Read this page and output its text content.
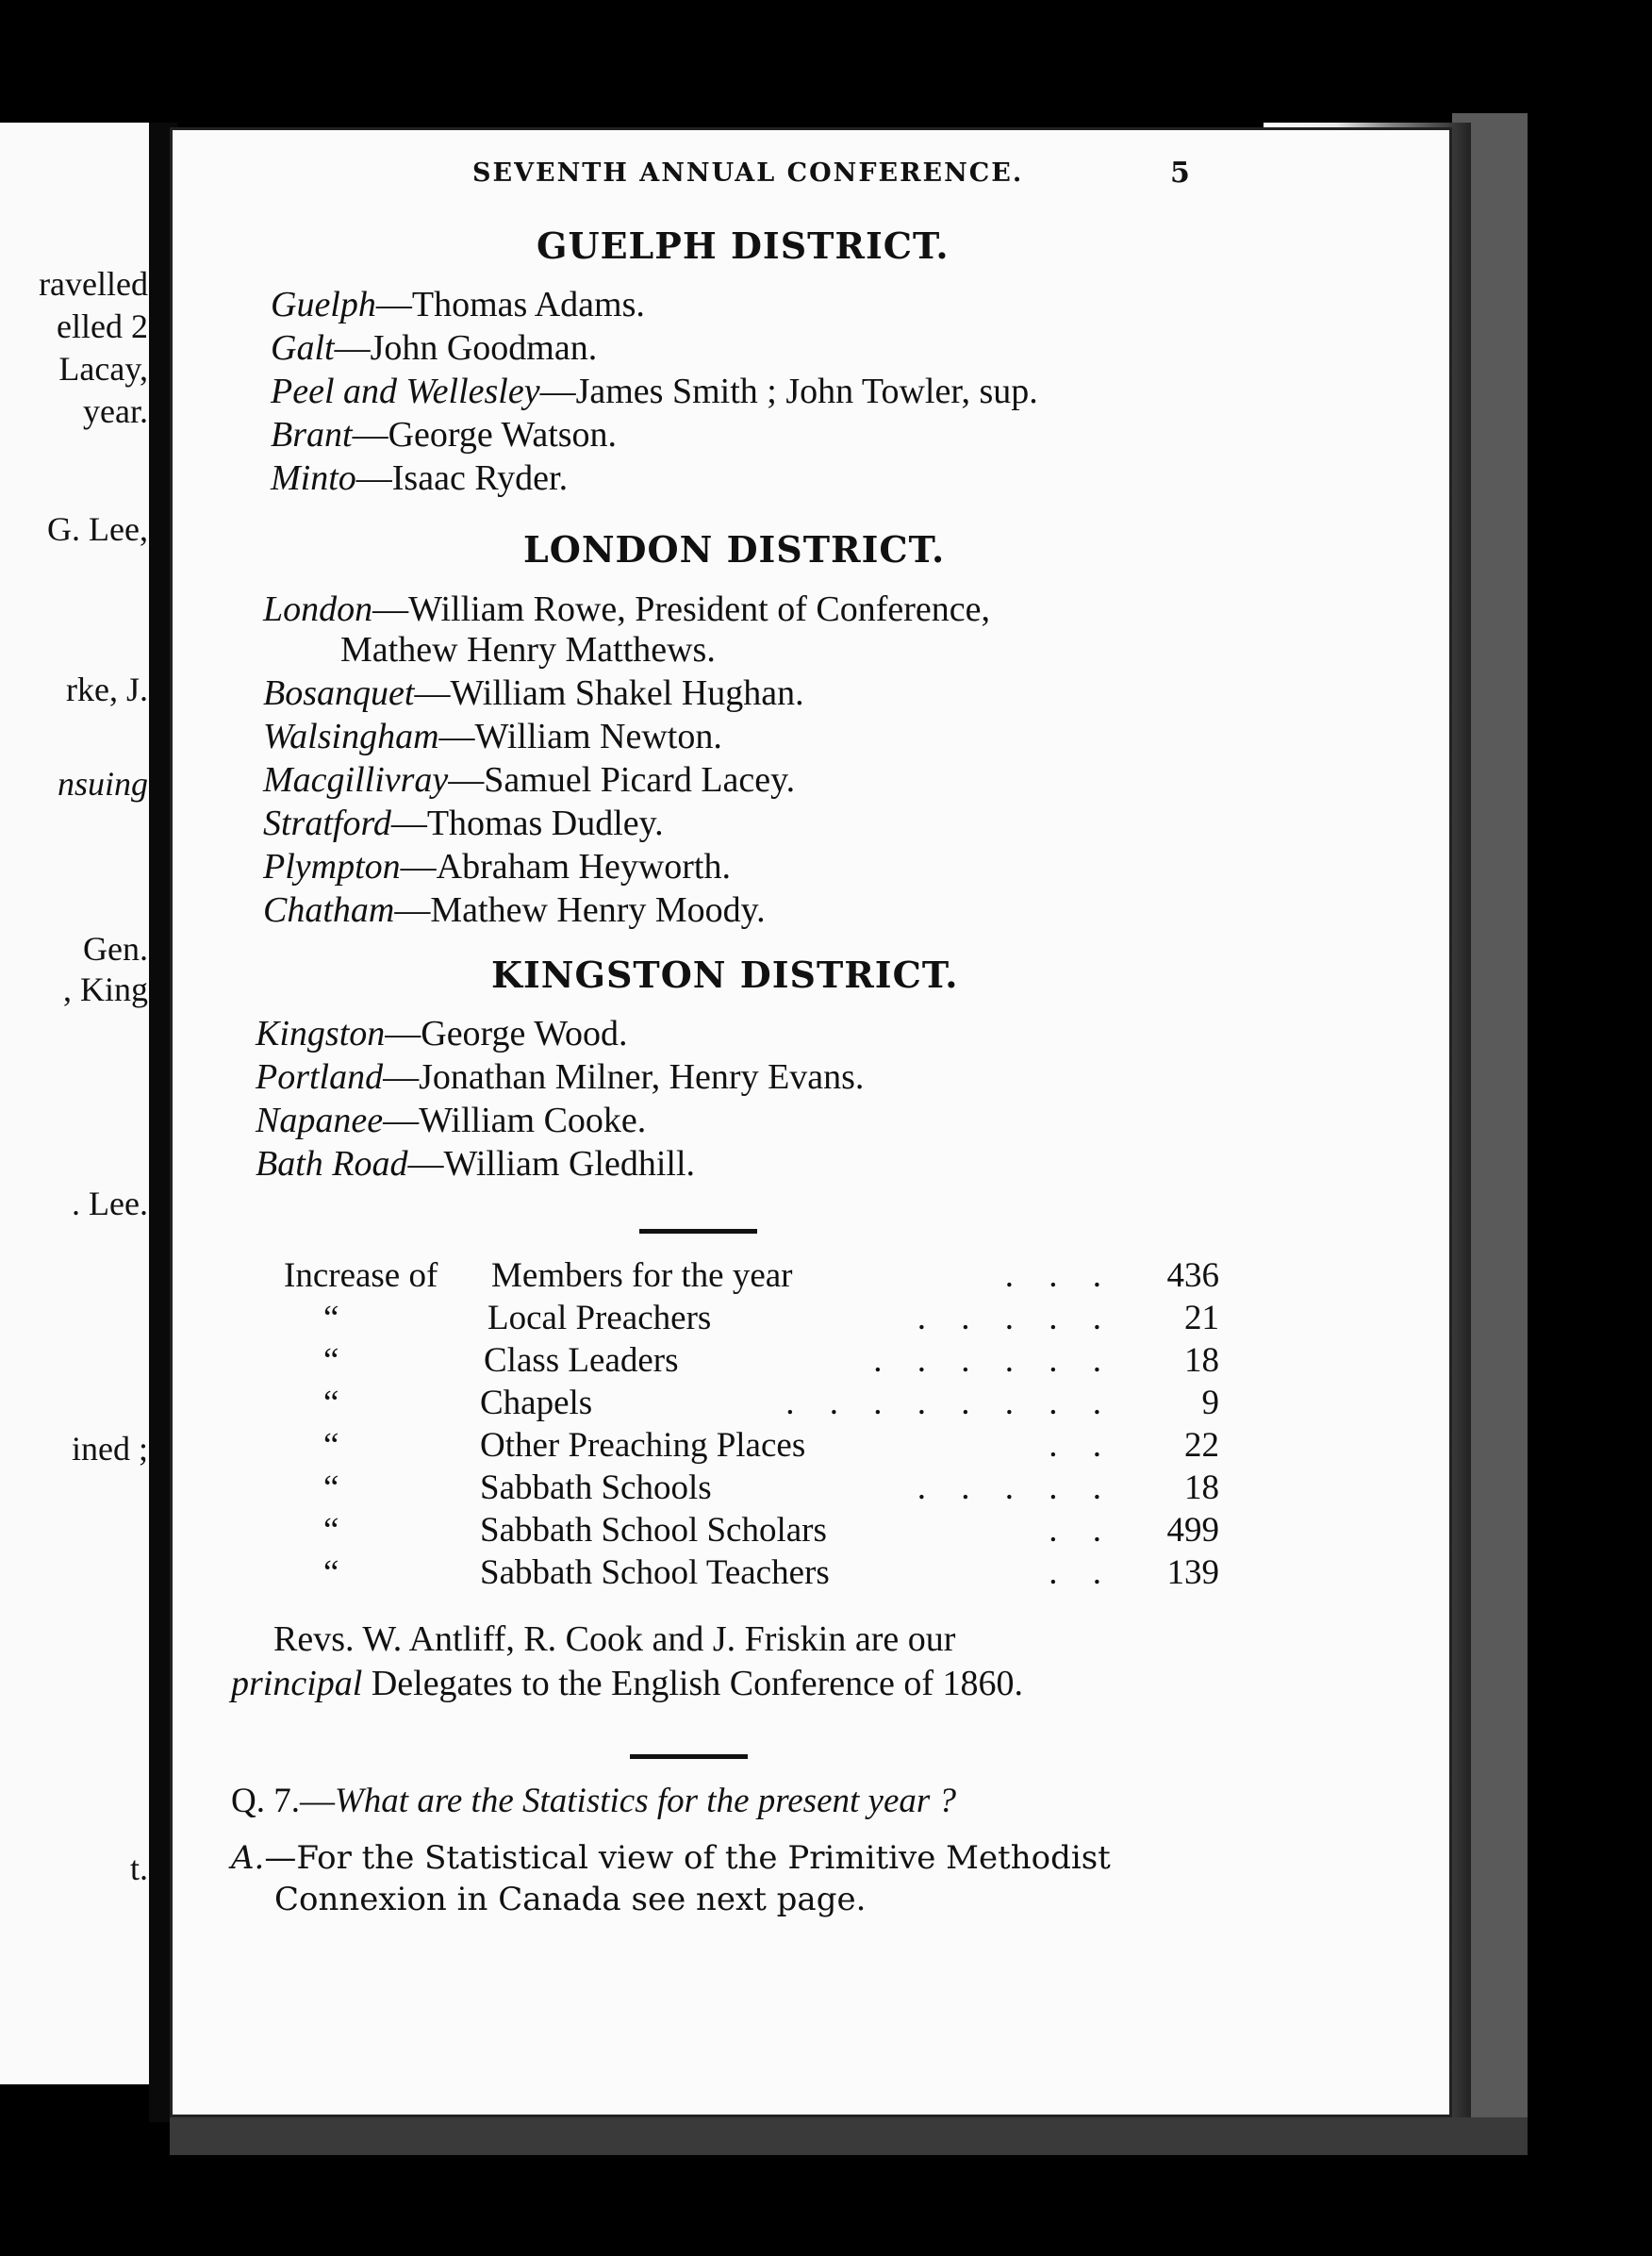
ravelled
elled 2
Lacay,
year.
G. Lee,
rke, J.
nsuing
Gen.
, King
. Lee.
ined ;
t.
SEVENTH ANNUAL CONFERENCE.	5
GUELPH DISTRICT.
Guelph—Thomas Adams.
Galt—John Goodman.
Peel and Wellesley—James Smith ; John Towler, sup.
Brant—George Watson.
Minto—Isaac Ryder.
LONDON DISTRICT.
London—William Rowe, President of Conference,
Mathew Henry Matthews.
Bosanquet—William Shakel Hughan.
Walsingham—William Newton.
Macgillivray—Samuel Picard Lacey.
Stratford—Thomas Dudley.
Plympton—Abraham Heyworth.
Chatham—Mathew Henry Moody.
KINGSTON DISTRICT.
Kingston—George Wood.
Portland—Jonathan Milner, Henry Evans.
Napanee—William Cooke.
Bath Road—William Gledhill.
Increase of Members for the year	. . .	436
“	Local Preachers	. . . . .	21
“	Class Leaders	. . . . . .	18
“	Chapels	. . . . . . . .	9
“	Other Preaching Places	. .	22
“	Sabbath Schools	. . . . .	18
“	Sabbath School Scholars	. .	499
“	Sabbath School Teachers	. .	139
Revs. W. Antliff, R. Cook and J. Friskin are our
principal Delegates to the English Conference of 1860.
Q. 7.—What are the Statistics for the present year ?
A.—For the Statistical view of the Primitive Methodist
Connexion in Canada see next page.
